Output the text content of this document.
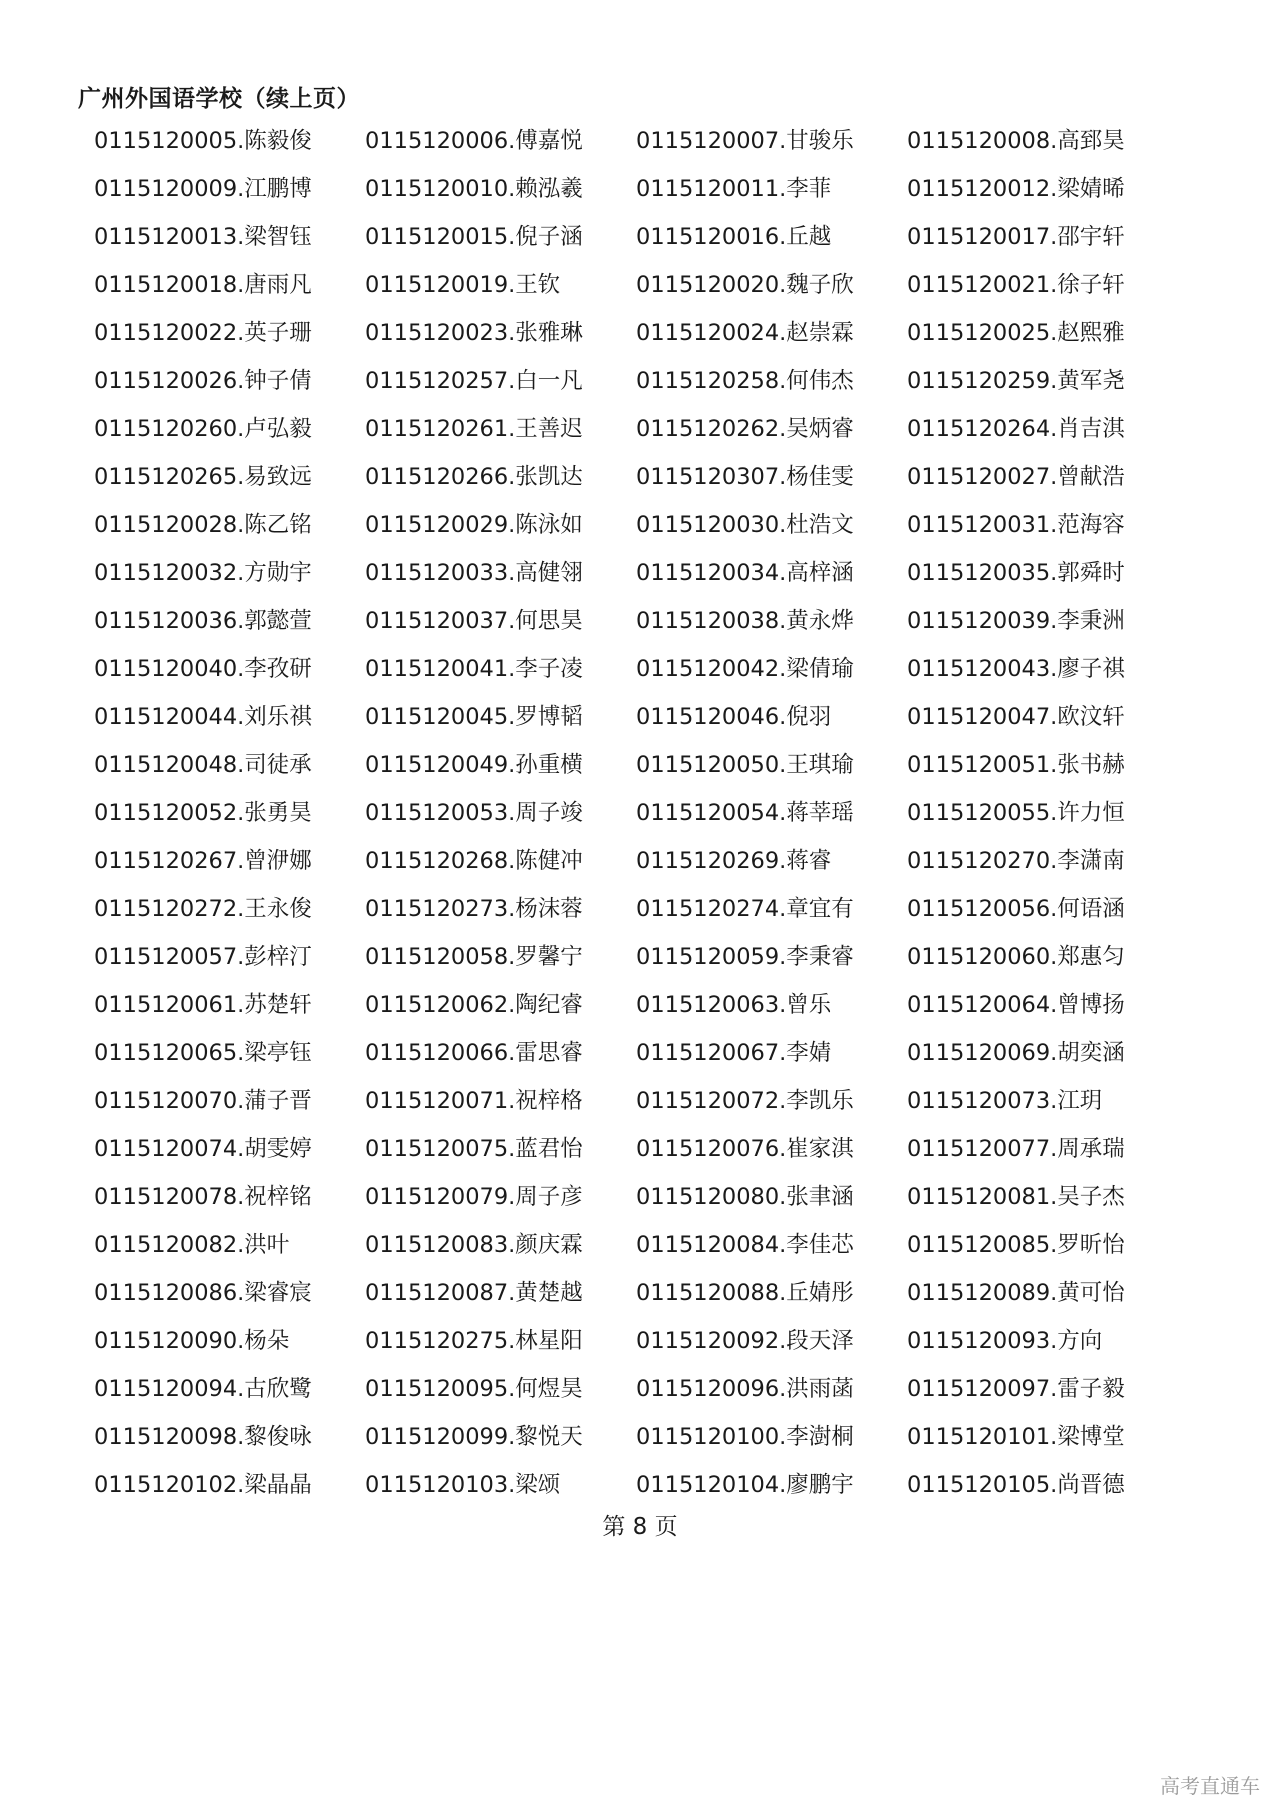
广州外国语学校（续上页）
0115120005.陈毅俊 0115120006.傅嘉悦 0115120007.甘骏乐 0115120008.高郅昊
0115120009.江鹏博 0115120010.赖泓羲 0115120011.李菲	0115120012.梁婧晞
0115120013.梁智钰 0115120015.倪子涵 0115120016.丘越	0115120017.邵宇轩
0115120018.唐雨凡 0115120019.王钦	0115120020.魏子欣 0115120021.徐子轩
0115120022.英子珊 0115120023.张雅琳 0115120024.赵崇霖 0115120025.赵熙雅
0115120026.钟子倩 0115120257.白一凡 0115120258.何伟杰 0115120259.黄军尧
0115120260.卢弘毅 0115120261.王善迟 0115120262.吴炳睿 0115120264.肖吉淇
0115120265.易致远 0115120266.张凯达 0115120307.杨佳雯 0115120027.曾献浩
0115120028.陈乙铭 0115120029.陈泳如 0115120030.杜浩文 0115120031.范海容
0115120032.方勋宇 0115120033.高健翎 0115120034.高梓涵 0115120035.郭舜时
0115120036.郭懿萱 0115120037.何思昊 0115120038.黄永烨 0115120039.李秉洲
0115120040.李孜研 0115120041.李子凌 0115120042.梁倩瑜 0115120043.廖子祺
0115120044.刘乐祺 0115120045.罗博韬 0115120046.倪羽	0115120047.欧汶轩
0115120048.司徒承 0115120049.孙重横 0115120050.王琪瑜 0115120051.张书赫
0115120052.张勇昊 0115120053.周子竣 0115120054.蒋莘瑶 0115120055.许力恒
0115120267.曾洢娜 0115120268.陈健冲 0115120269.蒋睿	0115120270.李潇南
0115120272.王永俊 0115120273.杨沫蓉 0115120274.章宜有 0115120056.何语涵
0115120057.彭梓汀 0115120058.罗馨宁 0115120059.李秉睿 0115120060.郑惠匀
0115120061.苏楚轩 0115120062.陶纪睿 0115120063.曾乐	0115120064.曾博扬
0115120065.梁亭钰 0115120066.雷思睿 0115120067.李婧	0115120069.胡奕涵
0115120070.蒲子晋 0115120071.祝梓格 0115120072.李凯乐 0115120073.江玥
0115120074.胡雯婷 0115120075.蓝君怡 0115120076.崔家淇 0115120077.周承瑞
0115120078.祝梓铭 0115120079.周子彦 0115120080.张聿涵 0115120081.吴子杰
0115120082.洪叶	0115120083.颜庆霖 0115120084.李佳芯 0115120085.罗昕怡
0115120086.梁睿宸 0115120087.黄楚越 0115120088.丘婧彤 0115120089.黄可怡
0115120090.杨朵	0115120275.林星阳 0115120092.段天泽 0115120093.方向
0115120094.古欣鹭 0115120095.何煜昊 0115120096.洪雨菡 0115120097.雷子毅
0115120098.黎俊咏 0115120099.黎悦天 0115120100.李澍桐 0115120101.梁博堂
0115120102.梁晶晶 0115120103.梁颂	0115120104.廖鹏宇 0115120105.尚晋德
第 8 页
高考直通车
